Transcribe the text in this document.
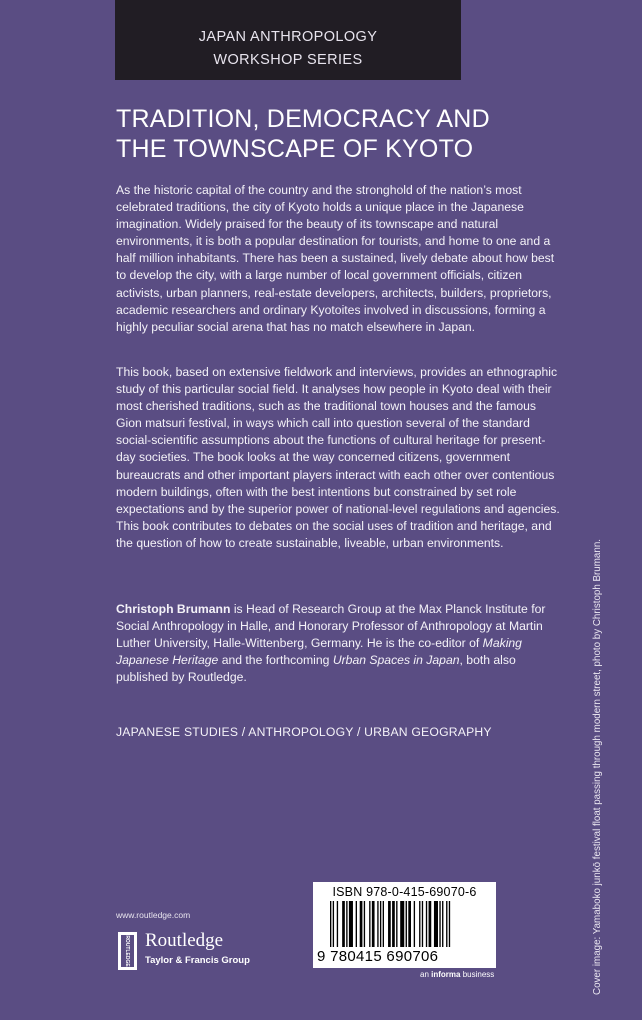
JAPAN ANTHROPOLOGY
WORKSHOP SERIES
TRADITION, DEMOCRACY AND
THE TOWNSCAPE OF KYOTO

As the historic capital of the country and the stronghold of the nation’s most celebrated traditions, the city of Kyoto holds a unique place in the Japanese imagination. Widely praised for the beauty of its townscape and natural environments, it is both a popular destination for tourists, and home to one and a half million inhabitants. There has been a sustained, lively debate about how best to develop the city, with a large number of local government officials, citizen activists, urban planners, real-estate developers, architects, builders, proprietors, academic researchers and ordinary Kyotoites involved in discussions, forming a highly peculiar social arena that has no match elsewhere in Japan.

This book, based on extensive fieldwork and interviews, provides an ethnographic study of this particular social field. It analyses how people in Kyoto deal with their most cherished traditions, such as the traditional town houses and the famous Gion matsuri festival, in ways which call into question several of the standard social-scientific assumptions about the functions of cultural heritage for present-day societies. The book looks at the way concerned citizens, government bureaucrats and other important players interact with each other over contentious modern buildings, often with the best intentions but constrained by set role expectations and by the superior power of national-level regulations and agencies. This book contributes to debates on the social uses of tradition and heritage, and the question of how to create sustainable, liveable, urban environments.

Christoph Brumann is Head of Research Group at the Max Planck Institute for Social Anthropology in Halle, and Honorary Professor of Anthropology at Martin Luther University, Halle-Wittenberg, Germany. He is the co-editor of Making Japanese Heritage and the forthcoming Urban Spaces in Japan, both also published by Routledge.

JAPANESE STUDIES / ANTHROPOLOGY / URBAN GEOGRAPHY
www.routledge.com
ROUTLEDGE Routledge
Taylor & Francis Group
ISBN 978-0-415-69070-6
9 780415 690706
an informa business	Cover image: Yamaboko junkō festival float passing through modern street, photo by Christoph Brumann.
